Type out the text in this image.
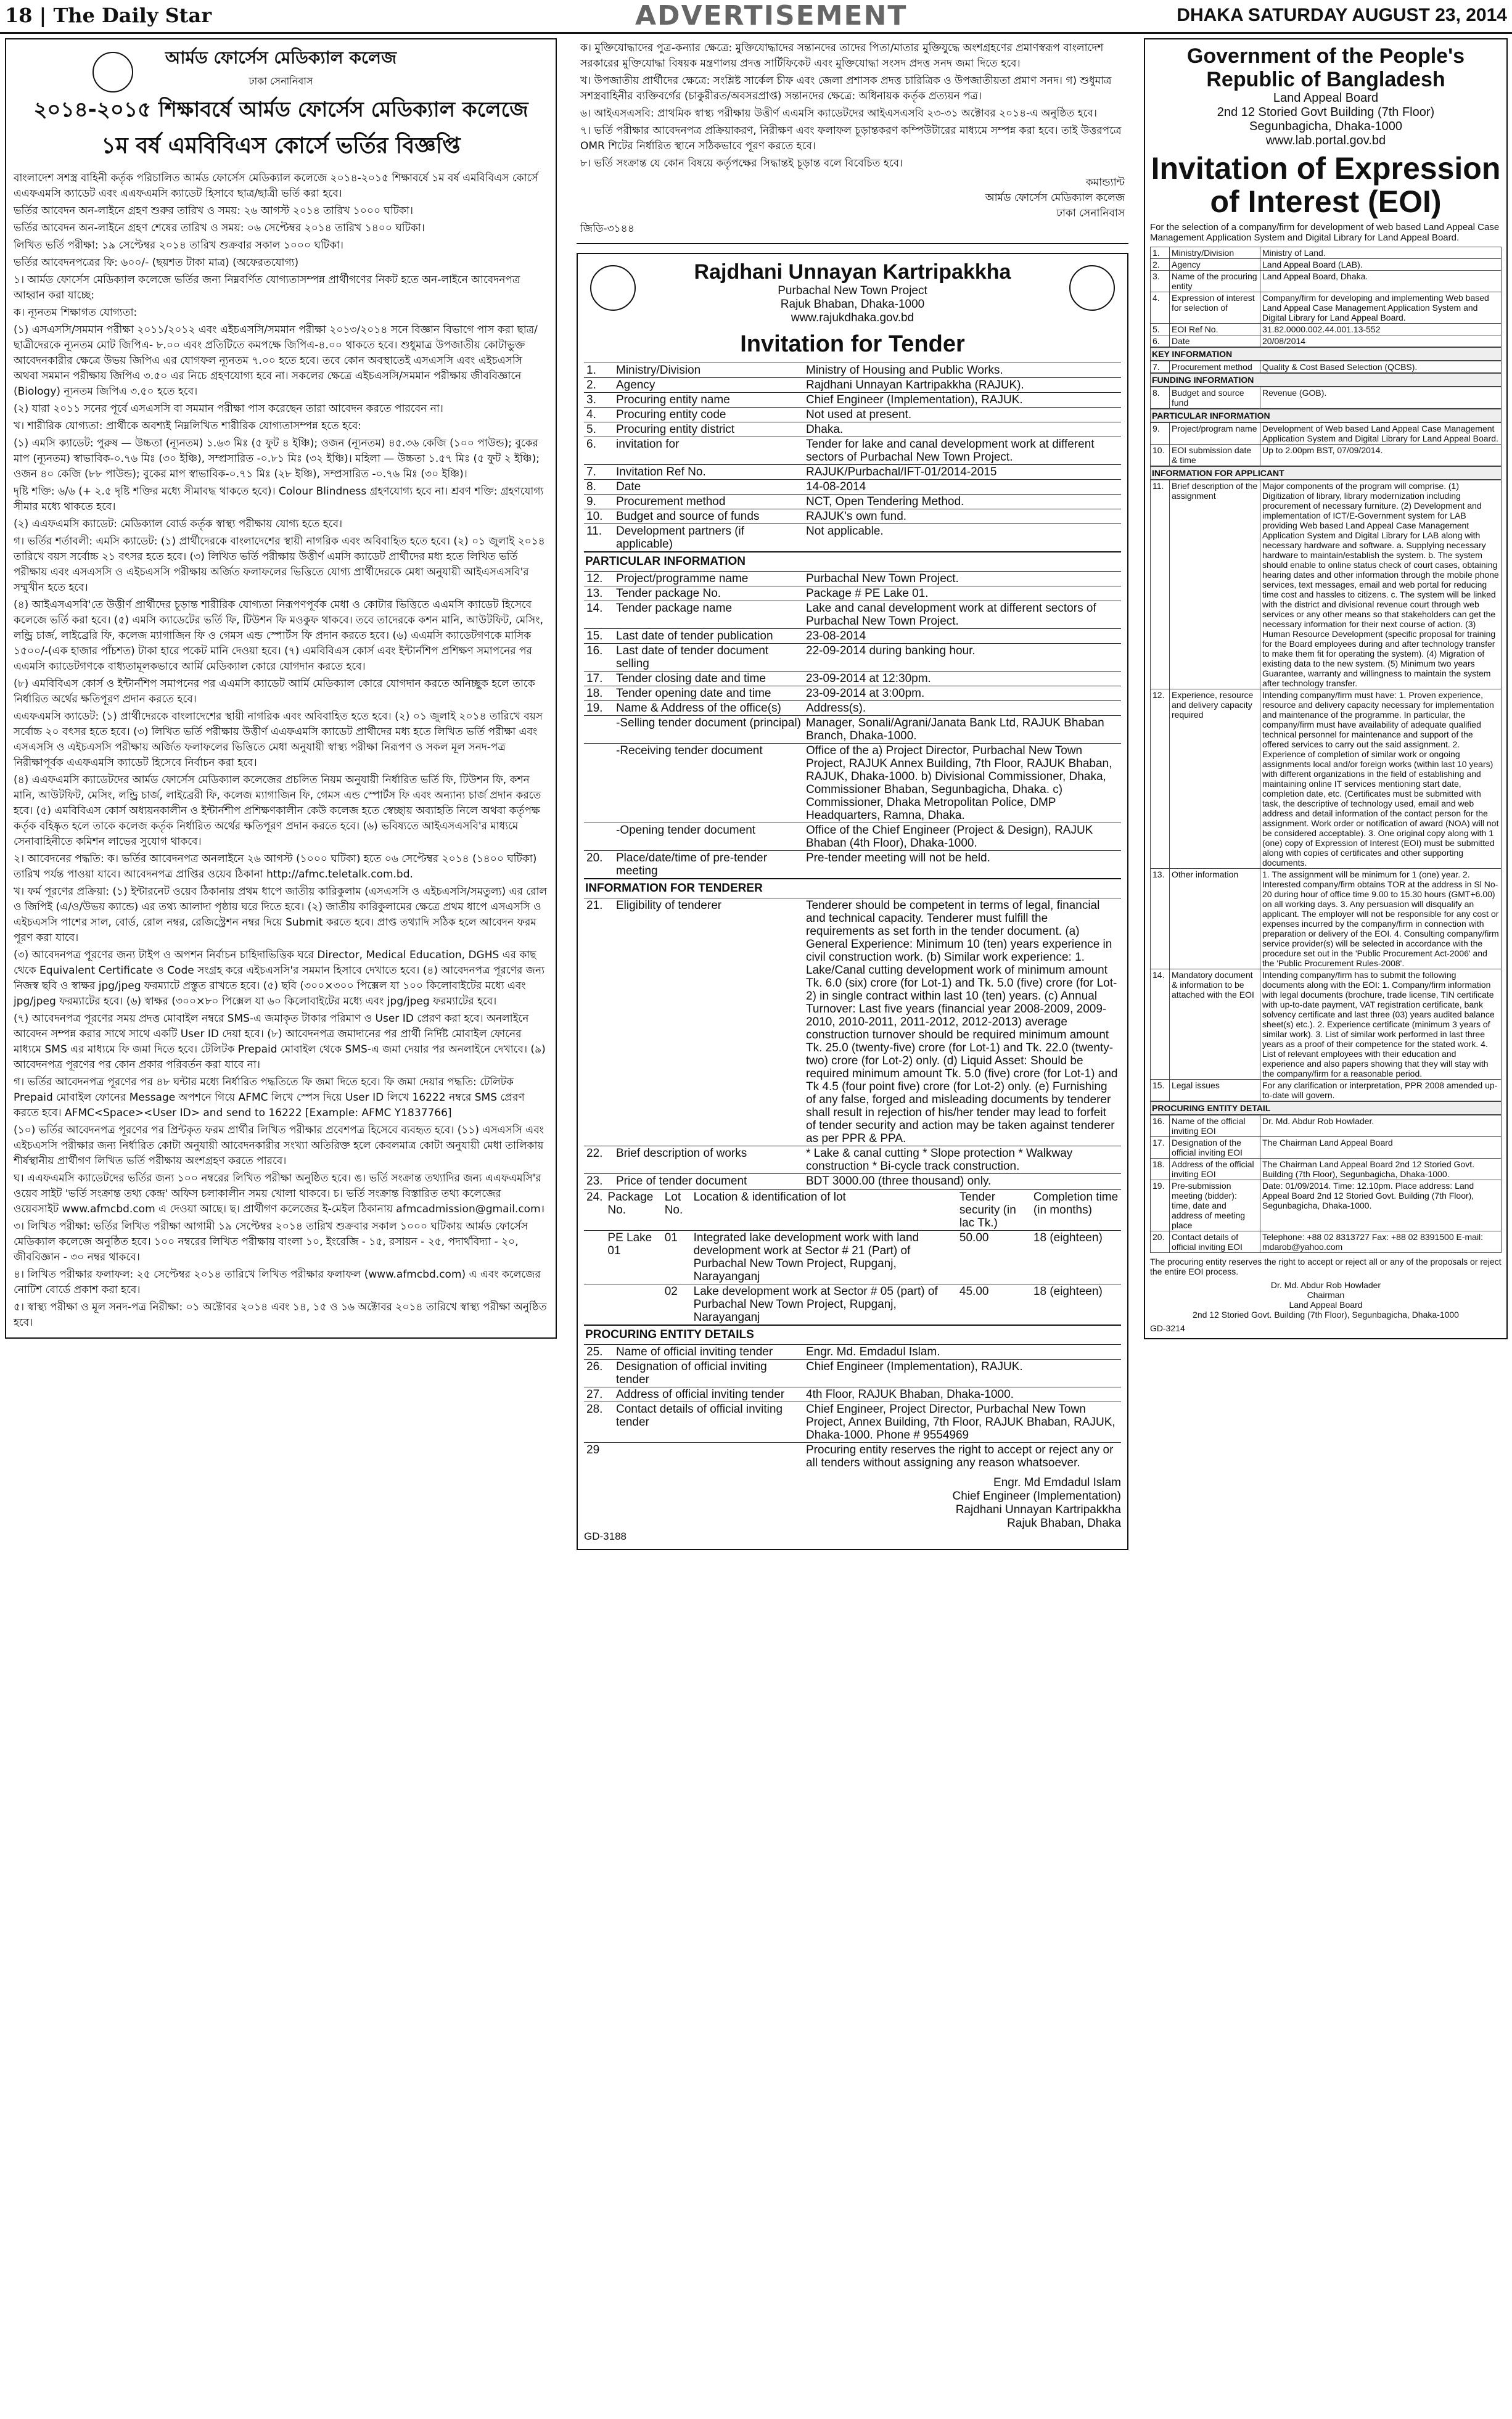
18 | The Daily Star	ADVERTISEMENT	DHAKA SATURDAY AUGUST 23, 2014
আর্মড ফোর্সেস মেডিক্যাল কলেজ
ঢাকা সেনানিবাস
২০১৪-২০১৫ শিক্ষাবর্ষে আর্মড ফোর্সেস মেডিক্যাল কলেজে
১ম বর্ষ এমবিবিএস কোর্সে ভর্তির বিজ্ঞপ্তি

বাংলাদেশ সশস্ত্র বাহিনী কর্তৃক পরিচালিত আর্মড ফোর্সেস মেডিক্যাল কলেজে ২০১৪-২০১৫ শিক্ষাবর্ষে ১ম বর্ষ এমবিবিএস কোর্সে এএফএমসি ক্যাডেট এবং এএফএমসি ক্যাডেট হিসাবে ছাত্র/ছাত্রী ভর্তি করা হবে।

ভর্তির আবেদন অন-লাইনে গ্রহণ শুরুর তারিখ ও সময়: ২৬ আগস্ট ২০১৪ তারিখ ১০০০ ঘটিকা।

ভর্তির আবেদন অন-লাইনে গ্রহণ শেষের তারিখ ও সময়: ০৬ সেপ্টেম্বর ২০১৪ তারিখ ১৪০০ ঘটিকা।

লিখিত ভর্তি পরীক্ষা: ১৯ সেপ্টেম্বর ২০১৪ তারিখ শুক্রবার সকাল ১০০০ ঘটিকা।

ভর্তির আবেদনপত্রের ফি: ৬০০/- (ছয়শত টাকা মাত্র) (অফেরতযোগ্য)

১। আর্মড ফোর্সেস মেডিক্যাল কলেজে ভর্তির জন্য নিম্নবর্ণিত যোগ্যতাসম্পন্ন প্রার্থীগণের নিকট হতে অন-লাইনে আবেদনপত্র আহ্বান করা যাচ্ছে:

ক। ন্যূনতম শিক্ষাগত যোগ্যতা:

(১) এসএসসি/সমমান পরীক্ষা ২০১১/২০১২ এবং এইচএসসি/সমমান পরীক্ষা ২০১৩/২০১৪ সনে বিজ্ঞান বিভাগে পাস করা ছাত্র/ছাত্রীদেরকে ন্যূনতম মোট জিপিএ- ৮.০০ এবং প্রতিটিতে কমপক্ষে জিপিএ-৪.০০ থাকতে হবে। শুধুমাত্র উপজাতীয় কোটাভুক্ত আবেদনকারীর ক্ষেত্রে উভয় জিপিএ এর যোগফল ন্যূনতম ৭.০০ হতে হবে। তবে কোন অবস্থাতেই এসএসসি এবং এইচএসসি অথবা সমমান পরীক্ষায় জিপিএ ৩.৫০ এর নিচে গ্রহণযোগ্য হবে না। সকলের ক্ষেত্রে এইচএসসি/সমমান পরীক্ষায় জীববিজ্ঞানে (Biology) ন্যূনতম জিপিএ ৩.৫০ হতে হবে।

(২) যারা ২০১১ সনের পূর্বে এসএসসি বা সমমান পরীক্ষা পাস করেছেন তারা আবেদন করতে পারবেন না।

খ। শারীরিক যোগ্যতা: প্রার্থীকে অবশ্যই নিম্নলিখিত শারীরিক যোগ্যতাসম্পন্ন হতে হবে:

(১) এমসি ক্যাডেট: পুরুষ — উচ্চতা (ন্যূনতম) ১.৬৩ মিঃ (৫ ফুট ৪ ইঞ্চি); ওজন (ন্যূনতম) ৪৫.৩৬ কেজি (১০০ পাউন্ড); বুকের মাপ (ন্যূনতম) স্বাভাবিক-০.৭৬ মিঃ (৩০ ইঞ্চি), সম্প্রসারিত -০.৮১ মিঃ (৩২ ইঞ্চি)। মহিলা — উচ্চতা ১.৫৭ মিঃ (৫ ফুট ২ ইঞ্চি); ওজন ৪০ কেজি (৮৮ পাউন্ড); বুকের মাপ স্বাভাবিক-০.৭১ মিঃ (২৮ ইঞ্চি), সম্প্রসারিত -০.৭৬ মিঃ (৩০ ইঞ্চি)।

দৃষ্টি শক্তি: ৬/৬ (+ ২.৫ দৃষ্টি শক্তির মধ্যে সীমাবদ্ধ থাকতে হবে)। Colour Blindness গ্রহণযোগ্য হবে না। শ্রবণ শক্তি: গ্রহণযোগ্য সীমার মধ্যে থাকতে হবে।

(২) এএফএমসি ক্যাডেট: মেডিক্যাল বোর্ড কর্তৃক স্বাস্থ্য পরীক্ষায় যোগ্য হতে হবে।

গ। ভর্তির শর্তাবলী: এমসি ক্যাডেট: (১) প্রার্থীদেরকে বাংলাদেশের স্থায়ী নাগরিক এবং অবিবাহিত হতে হবে। (২) ০১ জুলাই ২০১৪ তারিখে বয়স সর্বোচ্চ ২১ বৎসর হতে হবে। (৩) লিখিত ভর্তি পরীক্ষায় উত্তীর্ণ এমসি ক্যাডেট প্রার্থীদের মধ্য হতে লিখিত ভর্তি পরীক্ষায় এবং এসএসসি ও এইচএসসি পরীক্ষায় অর্জিত ফলাফলের ভিত্তিতে যোগ্য প্রার্থীদেরকে মেধা অনুযায়ী আইএসএসবি'র সম্মুখীন হতে হবে।

(৪) আইএসএসবি'তে উত্তীর্ণ প্রার্থীদের চূড়ান্ত শারীরিক যোগ্যতা নিরূপণপূর্বক মেধা ও কোটার ভিত্তিতে এএমসি ক্যাডেট হিসেবে কলেজে ভর্তি করা হবে। (৫) এমসি ক্যাডেটের ভর্তি ফি, টিউশন ফি মওকুফ থাকবে। তবে তাদেরকে কশন মানি, আউটফিট, মেসিং, লন্ড্রি চার্জ, লাইব্রেরি ফি, কলেজ ম্যাগাজিন ফি ও গেমস এন্ড স্পোর্টস ফি প্রদান করতে হবে। (৬) এএমসি ক্যাডেটগণকে মাসিক ১৫০০/-(এক হাজার পাঁচশত) টাকা হারে পকেট মানি দেওয়া হবে। (৭) এমবিবিএস কোর্স এবং ইন্টার্নশিপ প্রশিক্ষণ সমাপনের পর এএমসি ক্যাডেটগণকে বাধ্যতামূলকভাবে আর্মি মেডিক্যাল কোরে যোগদান করতে হবে।

(৮) এমবিবিএস কোর্স ও ইন্টার্নশিপ সমাপনের পর এএমসি ক্যাডেট আর্মি মেডিক্যাল কোরে যোগদান করতে অনিচ্ছুক হলে তাকে নির্ধারিত অর্থের ক্ষতিপূরণ প্রদান করতে হবে।

এএফএমসি ক্যাডেট: (১) প্রার্থীদেরকে বাংলাদেশের স্থায়ী নাগরিক এবং অবিবাহিত হতে হবে। (২) ০১ জুলাই ২০১৪ তারিখে বয়স সর্বোচ্চ ২০ বৎসর হতে হবে। (৩) লিখিত ভর্তি পরীক্ষায় উত্তীর্ণ এএফএমসি ক্যাডেট প্রার্থীদের মধ্য হতে লিখিত ভর্তি পরীক্ষা এবং এসএসসি ও এইচএসসি পরীক্ষায় অর্জিত ফলাফলের ভিত্তিতে মেধা অনুযায়ী স্বাস্থ্য পরীক্ষা নিরূপণ ও সকল মূল সনদ-পত্র নিরীক্ষাপূর্বক এএফএমসি ক্যাডেট হিসেবে নির্বাচন করা হবে।

(৪) এএফএমসি ক্যাডেটদের আর্মড ফোর্সেস মেডিক্যাল কলেজের প্রচলিত নিয়ম অনুযায়ী নির্ধারিত ভর্তি ফি, টিউশন ফি, কশন মানি, আউটফিট, মেসিং, লন্ড্রি চার্জ, লাইব্রেরী ফি, কলেজ ম্যাগাজিন ফি, গেমস এন্ড স্পোর্টস ফি এবং অন্যান্য চার্জ প্রদান করতে হবে। (৫) এমবিবিএস কোর্স অধ্যয়নকালীন ও ইন্টার্নশীপ প্রশিক্ষণকালীন কেউ কলেজ হতে স্বেচ্ছায় অব্যাহতি নিলে অথবা কর্তৃপক্ষ কর্তৃক বহিষ্কৃত হলে তাকে কলেজ কর্তৃক নির্ধারিত অর্থের ক্ষতিপূরণ প্রদান করতে হবে। (৬) ভবিষ্যতে আইএসএসবি'র মাধ্যমে সেনাবাহিনীতে কমিশন লাভের সুযোগ থাকবে।

২। আবেদনের পদ্ধতি: ক। ভর্তির আবেদনপত্র অনলাইনে ২৬ আগস্ট (১০০০ ঘটিকা) হতে ০৬ সেপ্টেম্বর ২০১৪ (১৪০০ ঘটিকা) তারিখ পর্যন্ত পাওয়া যাবে। আবেদনপত্র প্রাপ্তির ওয়েব ঠিকানা http://afmc.teletalk.com.bd.

খ। ফর্ম পূরণের প্রক্রিয়া: (১) ইন্টারনেট ওয়েব ঠিকানায় প্রথম ধাপে জাতীয় কারিকুলাম (এসএসসি ও এইচএসসি/সমতুল্য) এর রোল ও জিপিই (এ/ও/উভয় ক্যান্ডে) এর তথ্য আলাদা পৃষ্ঠায় ঘরে দিতে হবে। (২) জাতীয় কারিকুলামের ক্ষেত্রে প্রথম ধাপে এসএসসি ও এইচএসসি পাশের সাল, বোর্ড, রোল নম্বর, রেজিস্ট্রেশন নম্বর দিয়ে Submit করতে হবে। প্রাপ্ত তথ্যাদি সঠিক হলে আবেদন ফরম পূরণ করা যাবে।

(৩) আবেদনপত্র পূরণের জন্য টাইপ ও অপশন নির্বাচন চাহিদাভিত্তিক ঘরে Director, Medical Education, DGHS এর কাছ থেকে Equivalent Certificate ও Code সংগ্রহ করে এইচএসসি'র সমমান হিসাবে দেখাতে হবে। (৪) আবেদনপত্র পূরণের জন্য নিজস্ব ছবি ও স্বাক্ষর jpg/jpeg ফরম্যাটে প্রস্তুত রাখতে হবে। (৫) ছবি (৩০০×৩০০ পিক্সেল যা ১০০ কিলোবাইটের মধ্যে এবং jpg/jpeg ফরম্যাটের হবে। (৬) স্বাক্ষর (৩০০×৮০ পিক্সেল যা ৬০ কিলোবাইটের মধ্যে এবং jpg/jpeg ফরম্যাটের হবে।

(৭) আবেদনপত্র পূরণের সময় প্রদত্ত মোবাইল নম্বরে SMS-এ জমাকৃত টাকার পরিমাণ ও User ID প্রেরণ করা হবে। অনলাইনে আবেদন সম্পন্ন করার সাথে সাথে একটি User ID দেয়া হবে। (৮) আবেদনপত্র জমাদানের পর প্রার্থী নির্দিষ্ট মোবাইল ফোনের মাধ্যমে SMS এর মাধ্যমে ফি জমা দিতে হবে। টেলিটক Prepaid মোবাইল থেকে SMS-এ জমা দেয়ার পর অনলাইনে দেখাবে। (৯) আবেদনপত্র পূরণের পর কোন প্রকার পরিবর্তন করা যাবে না।

গ। ভর্তির আবেদনপত্র পূরণের পর ৪৮ ঘন্টার মধ্যে নির্ধারিত পদ্ধতিতে ফি জমা দিতে হবে। ফি জমা দেয়ার পদ্ধতি: টেলিটক Prepaid মোবাইল ফোনের Message অপশনে গিয়ে AFMC লিখে স্পেস দিয়ে User ID লিখে 16222 নম্বরে SMS প্রেরণ করতে হবে। AFMC<Space><User ID> and send to 16222 [Example: AFMC Y1837766]

(১০) ভর্তির আবেদনপত্র পূরণের পর প্রিন্টকৃত ফরম প্রার্থীর লিখিত পরীক্ষার প্রবেশপত্র হিসেবে ব্যবহৃত হবে। (১১) এসএসসি এবং এইচএসসি পরীক্ষার জন্য নির্ধারিত কোটা অনুযায়ী আবেদনকারীর সংখ্যা অতিরিক্ত হলে কেবলমাত্র কোটা অনুযায়ী মেধা তালিকায় শীর্ষস্থানীয় প্রার্থীগণ লিখিত ভর্তি পরীক্ষায় অংশগ্রহণ করতে পারবে।

ঘ। এএফএমসি ক্যাডেটদের ভর্তির জন্য ১০০ নম্বরের লিখিত পরীক্ষা অনুষ্ঠিত হবে। ঙ। ভর্তি সংক্রান্ত তথ্যাদির জন্য এএফএমসি'র ওয়েব সাইট 'ভর্তি সংক্রান্ত তথ্য কেন্দ্র' অফিস চলাকালীন সময় খোলা থাকবে। চ। ভর্তি সংক্রান্ত বিস্তারিত তথ্য কলেজের ওয়েবসাইট www.afmcbd.com এ দেওয়া আছে। ছ। প্রার্থীগণ কলেজের ই-মেইল ঠিকানায় afmcadmission@gmail.com।

৩। লিখিত পরীক্ষা: ভর্তির লিখিত পরীক্ষা আগামী ১৯ সেপ্টেম্বর ২০১৪ তারিখ শুক্রবার সকাল ১০০০ ঘটিকায় আর্মড ফোর্সেস মেডিক্যাল কলেজে অনুষ্ঠিত হবে। ১০০ নম্বরের লিখিত পরীক্ষায় বাংলা ১০, ইংরেজি - ১৫, রসায়ন - ২৫, পদার্থবিদ্যা - ২০, জীববিজ্ঞান - ৩০ নম্বর থাকবে।

৪। লিখিত পরীক্ষার ফলাফল: ২৫ সেপ্টেম্বর ২০১৪ তারিখে লিখিত পরীক্ষার ফলাফল (www.afmcbd.com) এ এবং কলেজের নোটিশ বোর্ডে প্রকাশ করা হবে।

৫। স্বাস্থ্য পরীক্ষা ও মূল সনদ-পত্র নিরীক্ষা: ০১ অক্টোবর ২০১৪ এবং ১৪, ১৫ ও ১৬ অক্টোবর ২০১৪ তারিখে স্বাস্থ্য পরীক্ষা অনুষ্ঠিত হবে।

ক। মুক্তিযোদ্ধাদের পুত্র-কন্যার ক্ষেত্রে: মুক্তিযোদ্ধাদের সন্তানদের তাদের পিতা/মাতার মুক্তিযুদ্ধে অংশগ্রহণের প্রমাণস্বরূপ বাংলাদেশ সরকারের মুক্তিযোদ্ধা বিষয়ক মন্ত্রণালয় প্রদত্ত সার্টিফিকেট এবং মুক্তিযোদ্ধা সংসদ প্রদত্ত সনদ জমা দিতে হবে।

খ। উপজাতীয় প্রার্থীদের ক্ষেত্রে: সংশ্লিষ্ট সার্কেল চীফ এবং জেলা প্রশাসক প্রদত্ত চারিত্রিক ও উপজাতীয়তা প্রমাণ সনদ। গ) শুধুমাত্র সশস্ত্রবাহিনীর ব্যক্তিবর্গের (চাকুরীরত/অবসরপ্রাপ্ত) সন্তানদের ক্ষেত্রে: অধিনায়ক কর্তৃক প্রত্যয়ন পত্র।

৬। আইএসএসবি: প্রাথমিক স্বাস্থ্য পরীক্ষায় উত্তীর্ণ এএমসি ক্যাডেটদের আইএসএসবি ২৩-৩১ অক্টোবর ২০১৪-এ অনুষ্ঠিত হবে।

৭। ভর্তি পরীক্ষার আবেদনপত্র প্রক্রিয়াকরণ, নিরীক্ষণ এবং ফলাফল চূড়ান্তকরণ কম্পিউটারের মাধ্যমে সম্পন্ন করা হবে। তাই উত্তরপত্রে OMR শিটের নির্ধারিত স্থানে সঠিকভাবে পূরণ করতে হবে।

৮। ভর্তি সংক্রান্ত যে কোন বিষয়ে কর্তৃপক্ষের সিদ্ধান্তই চূড়ান্ত বলে বিবেচিত হবে।

কমান্ড্যান্ট
আর্মড ফোর্সেস মেডিক্যাল কলেজ
ঢাকা সেনানিবাস
জিডি-৩১৪৪
Rajdhani Unnayan Kartripakkha
Purbachal New Town Project
Rajuk Bhaban, Dhaka-1000
www.rajukdhaka.gov.bd
Invitation for Tender
1.	Ministry/Division	Ministry of Housing and Public Works.
2.	Agency	Rajdhani Unnayan Kartripakkha (RAJUK).
3.	Procuring entity name	Chief Engineer (Implementation), RAJUK.
4.	Procuring entity code	Not used at present.
5.	Procuring entity district	Dhaka.
6.	invitation for	Tender for lake and canal development work at different sectors of Purbachal New Town Project.
7.	Invitation Ref No.	RAJUK/Purbachal/IFT-01/2014-2015
8.	Date	14-08-2014
9.	Procurement method	NCT, Open Tendering Method.
10.	Budget and source of funds	RAJUK's own fund.
11.	Development partners (if applicable)	Not applicable.
PARTICULAR INFORMATION
12.	Project/programme name	Purbachal New Town Project.
13.	Tender package No.	Package # PE Lake 01.
14.	Tender package name	Lake and canal development work at different sectors of Purbachal New Town Project.
15.	Last date of tender publication	23-08-2014
16.	Last date of tender document selling	22-09-2014 during banking hour.
17.	Tender closing date and time	23-09-2014 at 12:30pm.
18.	Tender opening date and time	23-09-2014 at 3:00pm.
19.	Name & Address of the office(s)	Address(s).
	-Selling tender document (principal)	Manager, Sonali/Agrani/Janata Bank Ltd, RAJUK Bhaban Branch, Dhaka-1000.
	-Receiving tender document	Office of the a) Project Director, Purbachal New Town Project, RAJUK Annex Building, 7th Floor, RAJUK Bhaban, RAJUK, Dhaka-1000. b) Divisional Commissioner, Dhaka, Commissioner Bhaban, Segunbagicha, Dhaka. c) Commissioner, Dhaka Metropolitan Police, DMP Headquarters, Ramna, Dhaka.
	-Opening tender document	Office of the Chief Engineer (Project & Design), RAJUK Bhaban (4th Floor), Dhaka-1000.
20.	Place/date/time of pre-tender meeting	Pre-tender meeting will not be held.
INFORMATION FOR TENDERER
21.	Eligibility of tenderer	Tenderer should be competent in terms of legal, financial and technical capacity. Tenderer must fulfill the requirements as set forth in the tender document. (a) General Experience: Minimum 10 (ten) years experience in civil construction work. (b) Similar work experience: 1. Lake/Canal cutting development work of minimum amount Tk. 6.0 (six) crore (for Lot-1) and Tk. 5.0 (five) crore (for Lot-2) in single contract within last 10 (ten) years. (c) Annual Turnover: Last five years (financial year 2008-2009, 2009-2010, 2010-2011, 2011-2012, 2012-2013) average construction turnover should be required minimum amount Tk. 25.0 (twenty-five) crore (for Lot-1) and Tk. 22.0 (twenty-two) crore (for Lot-2) only. (d) Liquid Asset: Should be required minimum amount Tk. 5.0 (five) crore (for Lot-1) and Tk 4.5 (four point five) crore (for Lot-2) only. (e) Furnishing of any false, forged and misleading documents by tenderer shall result in rejection of his/her tender may lead to forfeit of tender security and action may be taken against tenderer as per PPR & PPA.
22.	Brief description of works	* Lake & canal cutting * Slope protection * Walkway construction * Bi-cycle track construction.
23.	Price of tender document	BDT 3000.00 (three thousand) only.
24.	Package No.	Lot No.	Location & identification of lot	Tender security (in lac Tk.)	Completion time (in months)
	PE Lake 01	01	Integrated lake development work with land development work at Sector # 21 (Part) of Purbachal New Town Project, Rupganj, Narayanganj	50.00	18 (eighteen)
		02	Lake development work at Sector # 05 (part) of Purbachal New Town Project, Rupganj, Narayanganj	45.00	18 (eighteen)
PROCURING ENTITY DETAILS
25.	Name of official inviting tender	Engr. Md. Emdadul Islam.
26.	Designation of official inviting tender	Chief Engineer (Implementation), RAJUK.
27.	Address of official inviting tender	4th Floor, RAJUK Bhaban, Dhaka-1000.
28.	Contact details of official inviting tender	Chief Engineer, Project Director, Purbachal New Town Project, Annex Building, 7th Floor, RAJUK Bhaban, RAJUK, Dhaka-1000. Phone # 9554969
29		Procuring entity reserves the right to accept or reject any or all tenders without assigning any reason whatsoever.
Engr. Md Emdadul Islam
Chief Engineer (Implementation)
Rajdhani Unnayan Kartripakkha
Rajuk Bhaban, Dhaka
GD-3188
Government of the People's Republic of Bangladesh
Land Appeal Board
2nd 12 Storied Govt Building (7th Floor)
Segunbagicha, Dhaka-1000
www.lab.portal.gov.bd
Invitation of Expression of Interest (EOI)
For the selection of a company/firm for development of web based Land Appeal Case Management Application System and Digital Library for Land Appeal Board.
1.	Ministry/Division	Ministry of Land.
2.	Agency	Land Appeal Board (LAB).
3.	Name of the procuring entity	Land Appeal Board, Dhaka.
4.	Expression of interest for selection of	Company/firm for developing and implementing Web based Land Appeal Case Management Application System and Digital Library for Land Appeal Board.
5.	EOI Ref No.	31.82.0000.002.44.001.13-552
6.	Date	20/08/2014
KEY INFORMATION
7.	Procurement method	Quality & Cost Based Selection (QCBS).
FUNDING INFORMATION
8.	Budget and source fund	Revenue (GOB).
PARTICULAR INFORMATION
9.	Project/program name	Development of Web based Land Appeal Case Management Application System and Digital Library for Land Appeal Board.
10.	EOI submission date & time	Up to 2.00pm BST, 07/09/2014.
INFORMATION FOR APPLICANT
11.	Brief description of the assignment	Major components of the program will comprise. (1) Digitization of library, library modernization including procurement of necessary furniture. (2) Development and implementation of ICT/E-Government system for LAB providing Web based Land Appeal Case Management Application System and Digital Library for LAB along with necessary hardware and software. a. Supplying necessary hardware to maintain/establish the system. b. The system should enable to online status check of court cases, obtaining hearing dates and other information through the mobile phone services, text messages, email and web portal for reducing time cost and hassles to citizens. c. The system will be linked with the district and divisional revenue court through web services or any other means so that stakeholders can get the necessary information for their next course of action. (3) Human Resource Development (specific proposal for training for the Board employees during and after technology transfer to make them fit for operating the system). (4) Migration of existing data to the new system. (5) Minimum two years Guarantee, warranty and willingness to maintain the system after technology transfer.
12.	Experience, resource and delivery capacity required	Intending company/firm must have: 1. Proven experience, resource and delivery capacity necessary for implementation and maintenance of the programme. In particular, the company/firm must have availability of adequate qualified technical personnel for maintenance and support of the offered services to carry out the said assignment. 2. Experience of completion of similar work or ongoing assignments local and/or foreign works (within last 10 years) with different organizations in the field of establishing and maintaining online IT services mentioning start date, completion date, etc. (Certificates must be submitted with task, the descriptive of technology used, email and web address and detail information of the contact person for the assignment. Work order or notification of award (NOA) will not be considered acceptable). 3. One original copy along with 1 (one) copy of Expression of Interest (EOI) must be submitted along with copies of certificates and other supporting documents.
13.	Other information	1. The assignment will be minimum for 1 (one) year. 2. Interested company/firm obtains TOR at the address in Sl No-20 during hour of office time 9.00 to 15.30 hours (GMT+6.00) on all working days. 3. Any persuasion will disqualify an applicant. The employer will not be responsible for any cost or expenses incurred by the company/firm in connection with preparation or delivery of the EOI. 4. Consulting company/firm service provider(s) will be selected in accordance with the procedure set out in the 'Public Procurement Act-2006' and the 'Public Procurement Rules-2008'.
14.	Mandatory document & information to be attached with the EOI	Intending company/firm has to submit the following documents along with the EOI: 1. Company/firm information with legal documents (brochure, trade license, TIN certificate with up-to-date payment, VAT registration certificate, bank solvency certificate and last three (03) years audited balance sheet(s) etc.). 2. Experience certificate (minimum 3 years of similar work). 3. List of similar work performed in last three years as a proof of their competence for the stated work. 4. List of relevant employees with their education and experience and also papers showing that they will stay with the company/firm for a reasonable period.
15.	Legal issues	For any clarification or interpretation, PPR 2008 amended up-to-date will govern.
PROCURING ENTITY DETAIL
16.	Name of the official inviting EOI	Dr. Md. Abdur Rob Howlader.
17.	Designation of the official inviting EOI	The Chairman Land Appeal Board
18.	Address of the official inviting EOI	The Chairman Land Appeal Board 2nd 12 Storied Govt. Building (7th Floor), Segunbagicha, Dhaka-1000.
19.	Pre-submission meeting (bidder): time, date and address of meeting place	Date: 01/09/2014. Time: 12.10pm. Place address: Land Appeal Board 2nd 12 Storied Govt. Building (7th Floor), Segunbagicha, Dhaka-1000.
20.	Contact details of official inviting EOI	Telephone: +88 02 8313727 Fax: +88 02 8391500 E-mail: mdarob@yahoo.com
The procuring entity reserves the right to accept or reject all or any of the proposals or reject the entire EOI process.
Dr. Md. Abdur Rob Howlader
Chairman
Land Appeal Board
2nd 12 Storied Govt. Building (7th Floor), Segunbagicha, Dhaka-1000
GD-3214
